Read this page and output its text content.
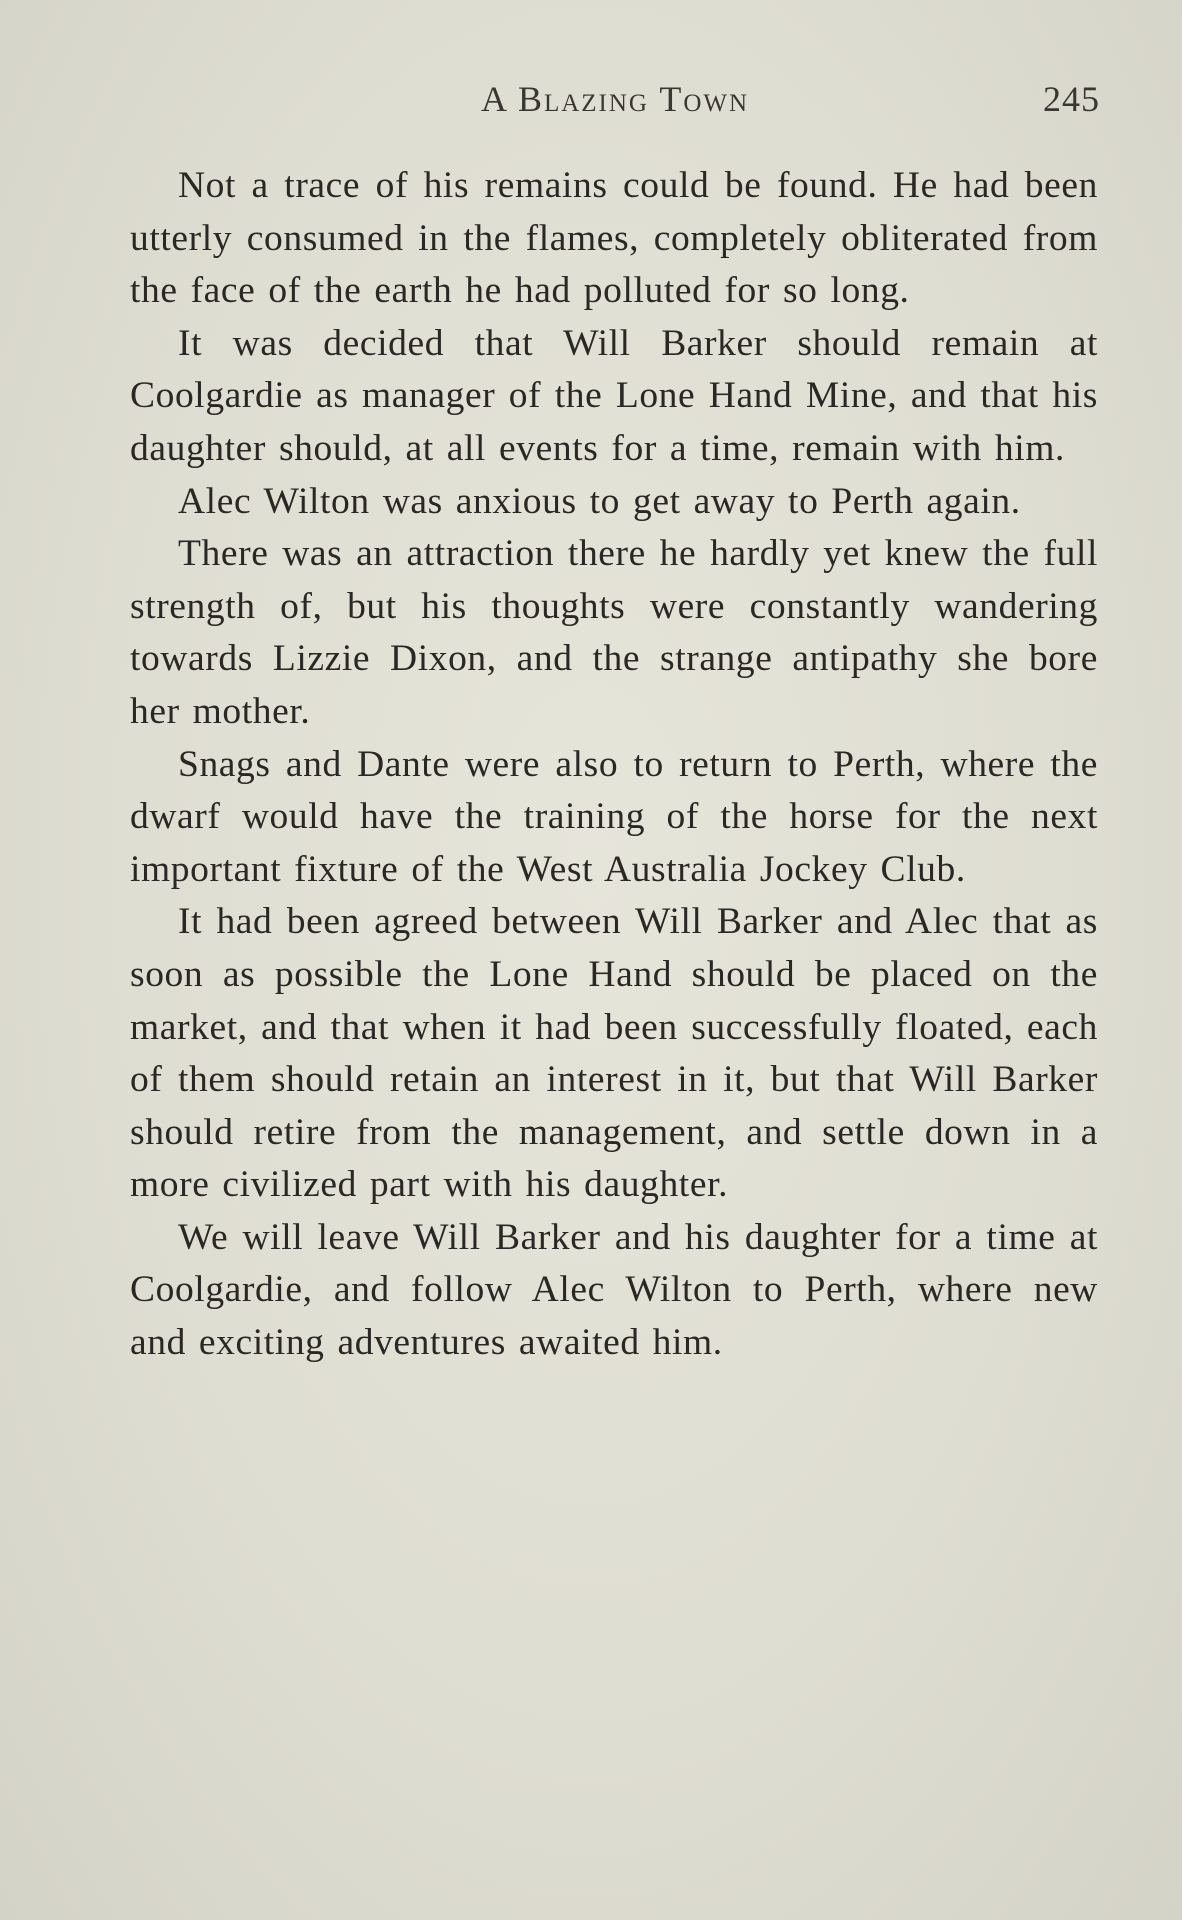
A Blazing Town	245

Not a trace of his remains could be found. He had been utterly consumed in the flames, completely obliterated from the face of the earth he had polluted for so long.

It was decided that Will Barker should remain at Coolgardie as manager of the Lone Hand Mine, and that his daughter should, at all events for a time, remain with him.

Alec Wilton was anxious to get away to Perth again.

There was an attraction there he hardly yet knew the full strength of, but his thoughts were constantly wandering towards Lizzie Dixon, and the strange antipathy she bore her mother.

Snags and Dante were also to return to Perth, where the dwarf would have the training of the horse for the next important fixture of the West Australia Jockey Club.

It had been agreed between Will Barker and Alec that as soon as possible the Lone Hand should be placed on the market, and that when it had been successfully floated, each of them should retain an interest in it, but that Will Barker should retire from the management, and settle down in a more civilized part with his daughter.

We will leave Will Barker and his daughter for a time at Coolgardie, and follow Alec Wilton to Perth, where new and exciting adventures awaited him.
